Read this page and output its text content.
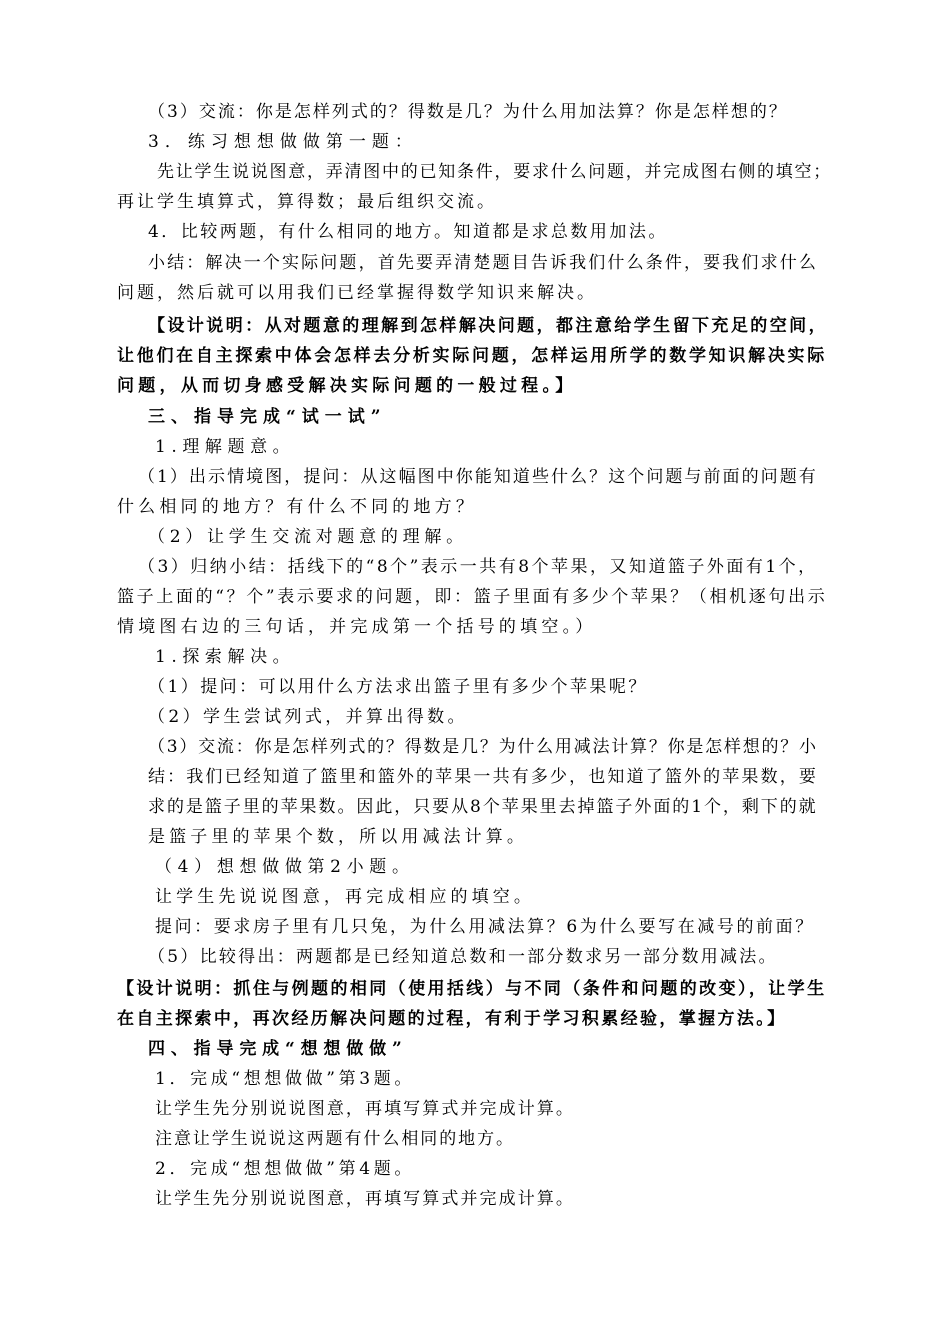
（3）交流：你是怎样列式的？得数是几？为什么用加法算？你是怎样想的？
3．练习想想做做第一题：
先让学生说说图意，弄清图中的已知条件，要求什么问题，并完成图右侧的填空；
再让学生填算式，算得数；最后组织交流。
4．比较两题，有什么相同的地方。知道都是求总数用加法。
小结：解决一个实际问题，首先要弄清楚题目告诉我们什么条件，要我们求什么
问题，然后就可以用我们已经掌握得数学知识来解决。
【设计说明：从对题意的理解到怎样解决问题，都注意给学生留下充足的空间，
让他们在自主探索中体会怎样去分析实际问题，怎样运用所学的数学知识解决实际
问题，从而切身感受解决实际问题的一般过程。】
三、指导完成“试一试”
1.理解题意。
（1）出示情境图，提问：从这幅图中你能知道些什么？这个问题与前面的问题有
什么相同的地方？有什么不同的地方？
（2）让学生交流对题意的理解。
（3）归纳小结：括线下的“8个”表示一共有8个苹果，又知道篮子外面有1个，
篮子上面的“？个”表示要求的问题，即：篮子里面有多少个苹果？（相机逐句出示
情境图右边的三句话，并完成第一个括号的填空。）
1.探索解决。
（1）提问：可以用什么方法求出篮子里有多少个苹果呢？
（2）学生尝试列式，并算出得数。
（3）交流：你是怎样列式的？得数是几？为什么用减法计算？你是怎样想的？小
结：我们已经知道了篮里和篮外的苹果一共有多少，也知道了篮外的苹果数，要
求的是篮子里的苹果数。因此，只要从8个苹果里去掉篮子外面的1个，剩下的就
是篮子里的苹果个数，所以用减法计算。
（4）想想做做第2小题。
让学生先说说图意，再完成相应的填空。
提问：要求房子里有几只兔，为什么用减法算？6为什么要写在减号的前面？
（5）比较得出：两题都是已经知道总数和一部分数求另一部分数用减法。
【设计说明：抓住与例题的相同（使用括线）与不同（条件和问题的改变），让学生
在自主探索中，再次经历解决问题的过程，有利于学习积累经验，掌握方法。】
四、指导完成“想想做做”
1．完成“想想做做”第3题。
让学生先分别说说图意，再填写算式并完成计算。
注意让学生说说这两题有什么相同的地方。
2．完成“想想做做”第4题。
让学生先分别说说图意，再填写算式并完成计算。
